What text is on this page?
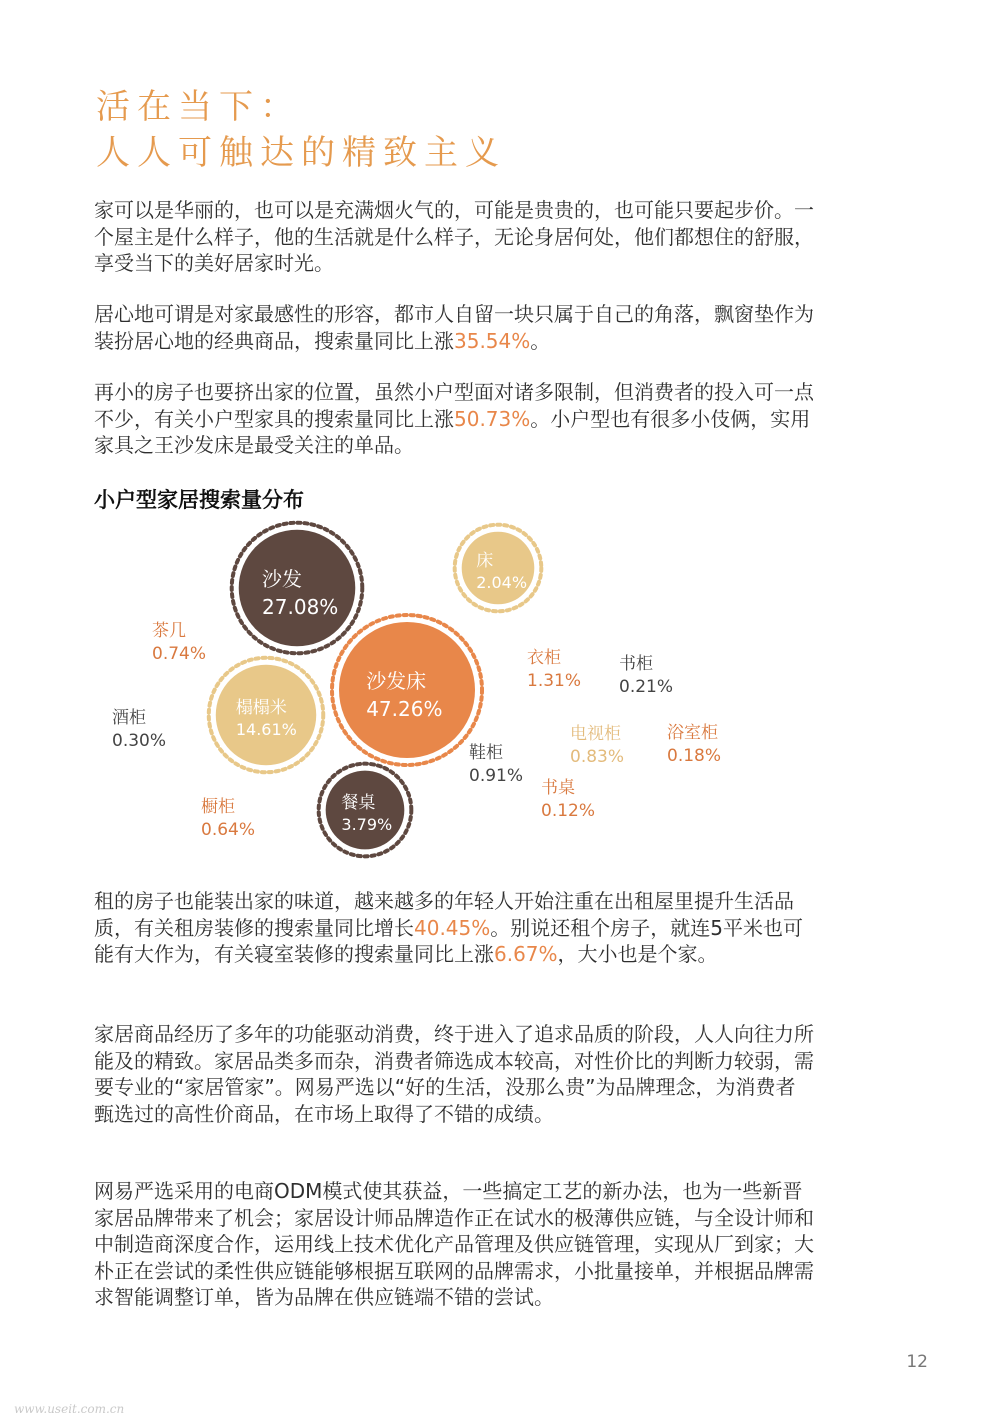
活在当下：
人人可触达的精致主义

家可以是华丽的，也可以是充满烟火气的，可能是贵贵的，也可能只要起步价。一个屋主是什么样子，他的生活就是什么样子，无论身居何处，他们都想住的舒服，享受当下的美好居家时光。

居心地可谓是对家最感性的形容，都市人自留一块只属于自己的角落，飘窗垫作为装扮居心地的经典商品，搜索量同比上涨35.54%。

再小的房子也要挤出家的位置，虽然小户型面对诸多限制，但消费者的投入可一点不少，有关小户型家具的搜索量同比上涨50.73%。小户型也有很多小伎俩，实用家具之王沙发床是最受关注的单品。

小户型家居搜索量分布
沙发床
47.26%
沙发
27.08%
榻榻米
14.61%
餐桌
3.79%
床
2.04%
衣柜
1.31%
鞋柜
0.91%
电视柜
0.83%
茶几
0.74%
橱柜
0.64%
酒柜
0.30%
书柜
0.21%
浴室柜
0.18%
书桌
0.12%

租的房子也能装出家的味道，越来越多的年轻人开始注重在出租屋里提升生活品质，有关租房装修的搜索量同比增长40.45%。别说还租个房子，就连5平米也可能有大作为，有关寝室装修的搜索量同比上涨6.67%，大小也是个家。

家居商品经历了多年的功能驱动消费，终于进入了追求品质的阶段，人人向往力所能及的精致。家居品类多而杂，消费者筛选成本较高，对性价比的判断力较弱，需要专业的“家居管家”。网易严选以“好的生活，没那么贵”为品牌理念，为消费者甄选过的高性价商品，在市场上取得了不错的成绩。

网易严选采用的电商ODM模式使其获益，一些搞定工艺的新办法，也为一些新晋家居品牌带来了机会；家居设计师品牌造作正在试水的极薄供应链，与全设计师和中制造商深度合作，运用线上技术优化产品管理及供应链管理，实现从厂到家；大朴正在尝试的柔性供应链能够根据互联网的品牌需求，小批量接单，并根据品牌需求智能调整订单，皆为品牌在供应链端不错的尝试。

12
www.useit.com.cn
